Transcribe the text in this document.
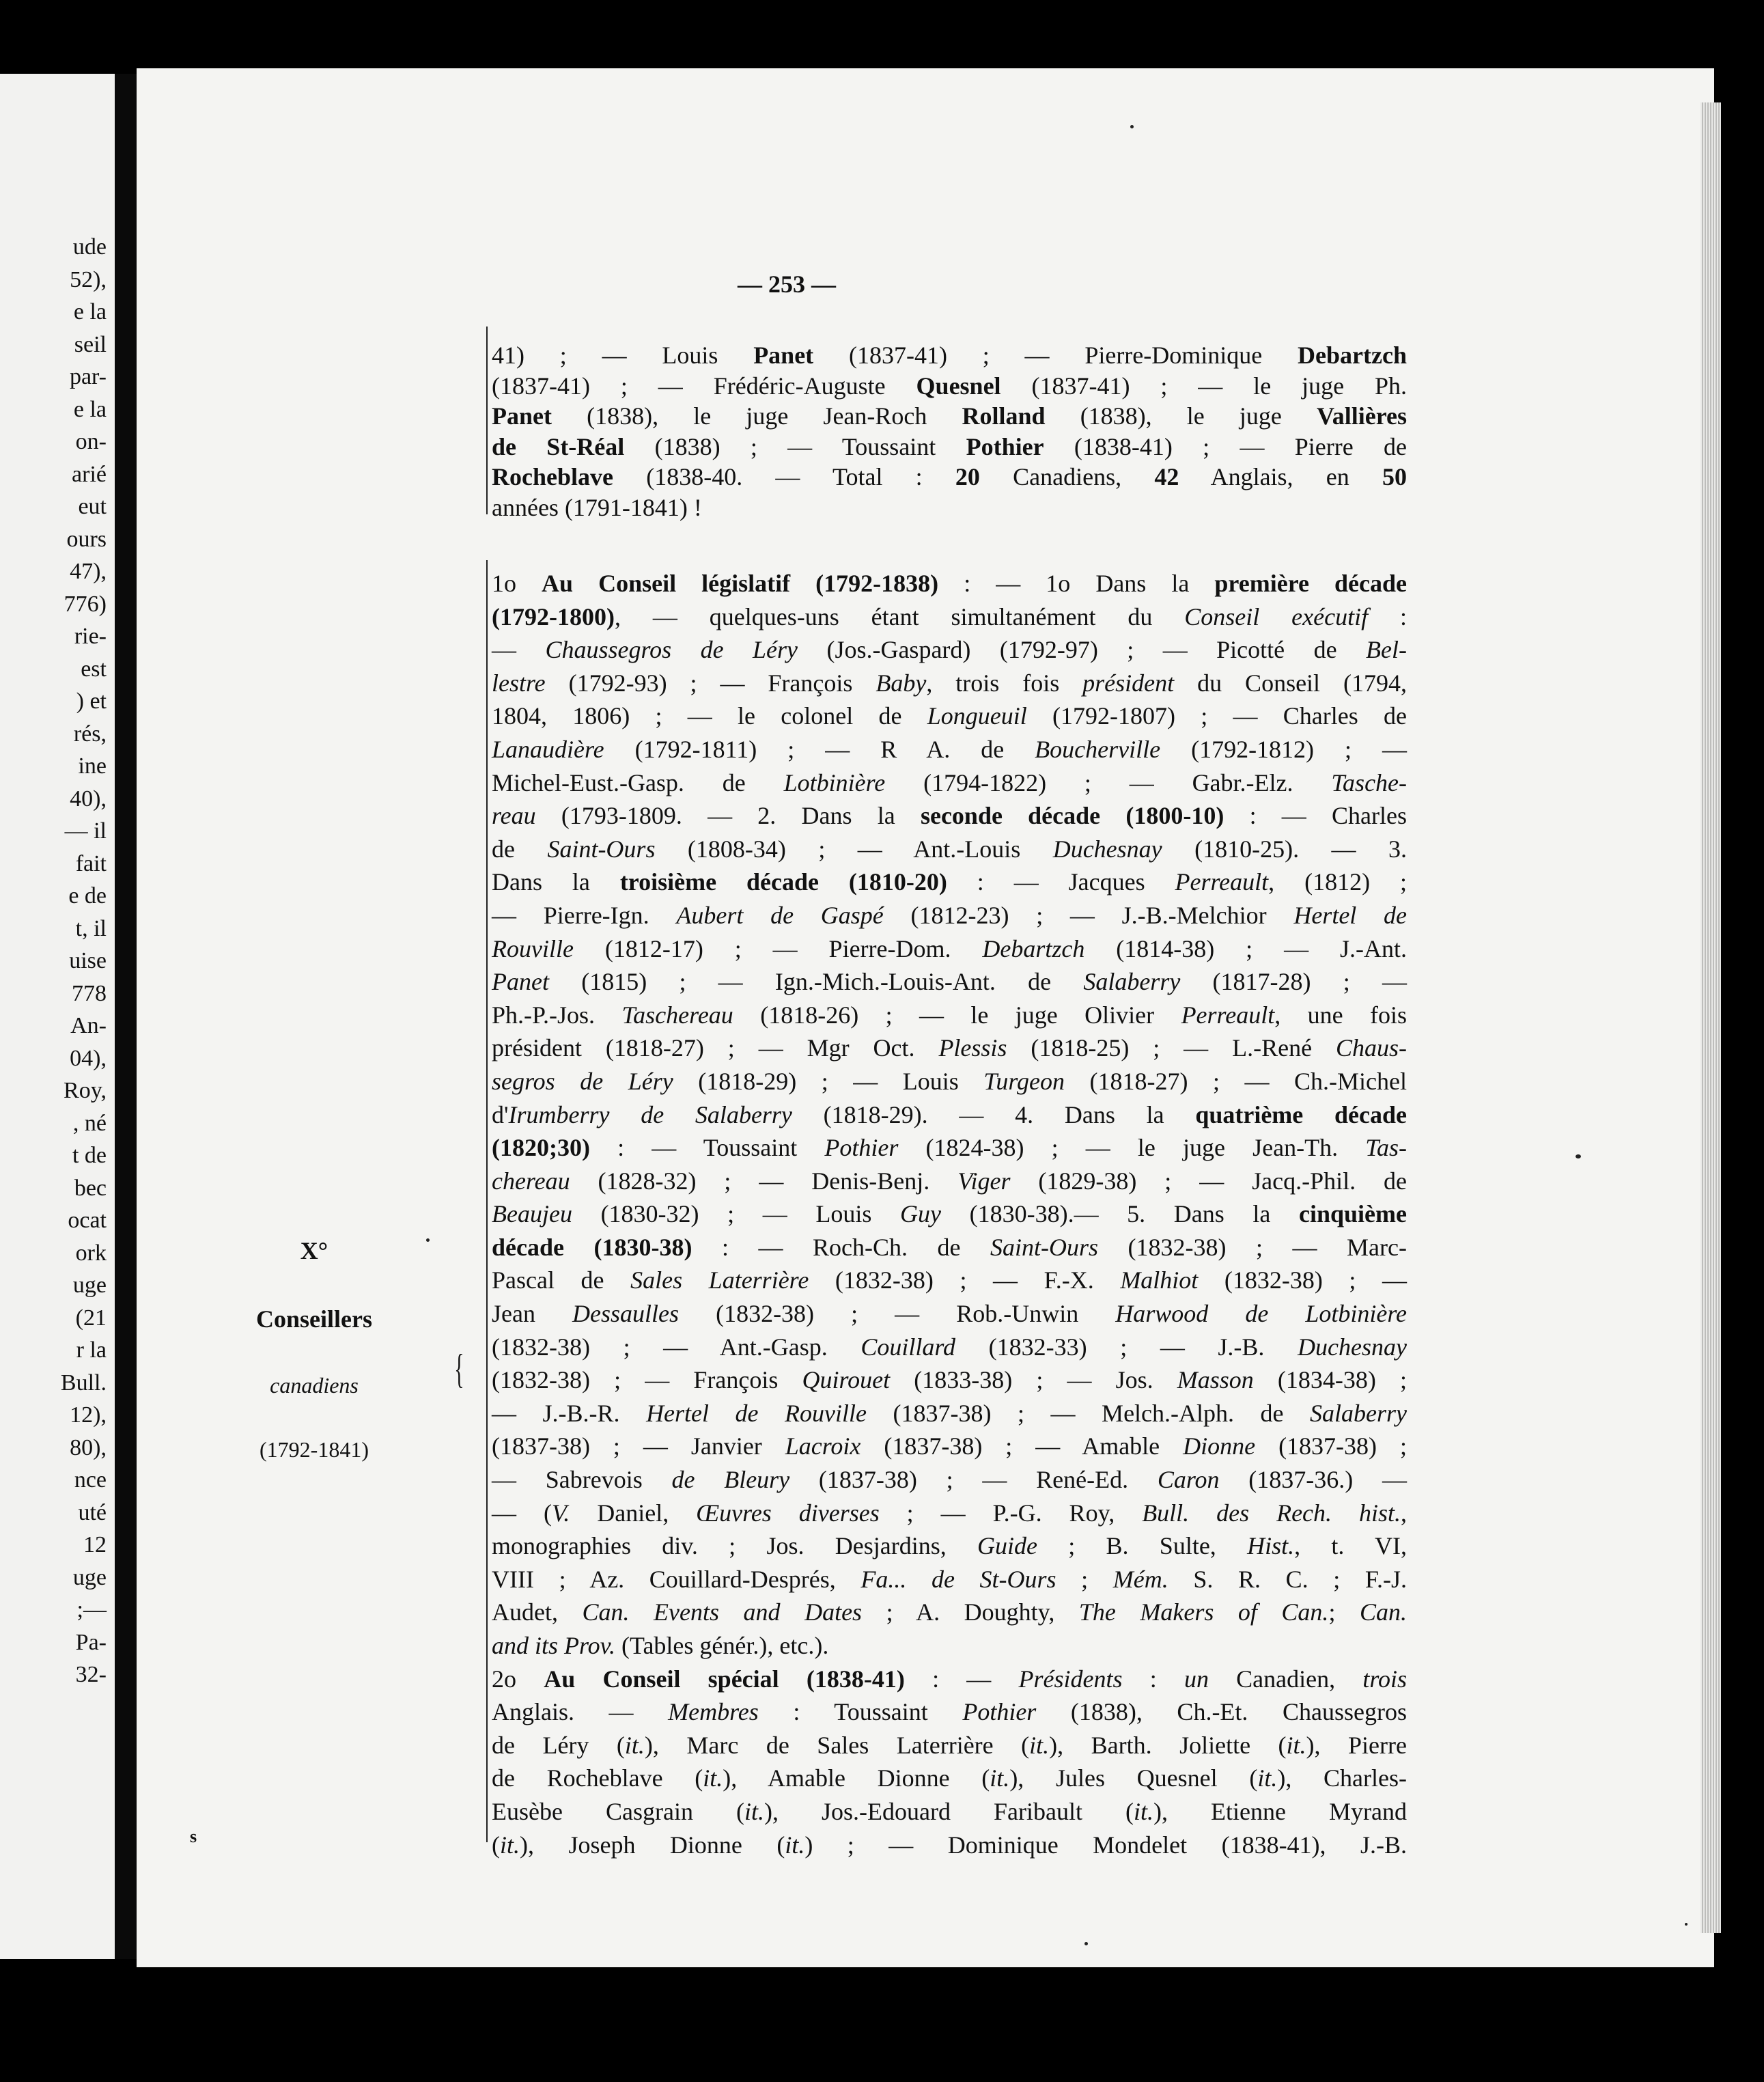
ude
52),
e la
seil
par-
e la
on-
arié
eut
ours
47),
776)
rie-
est
) et
rés,
ine
40),
— il
fait
e de
t, il
uise
778
An-
04),
Roy,
, né
t de
bec
ocat
ork
uge
(21
r la
Bull.
12),
80),
nce
uté
12
uge
;—
Pa-
32-
— 253 —

41) ; — Louis Panet (1837-41) ; — Pierre-Dominique Debartzch

(1837-41) ; — Frédéric-Auguste Quesnel (1837-41) ; — le juge Ph.

Panet (1838), le juge Jean-Roch Rolland (1838), le juge Vallières

de St-Réal (1838) ; — Toussaint Pothier (1838-41) ; — Pierre de

Rocheblave (1838-40. — Total : 20 Canadiens, 42 Anglais, en 50

années (1791-1841) !

1o Au Conseil législatif (1792-1838) : — 1o Dans la première décade

(1792-1800), — quelques-uns étant simultanément du Conseil exécutif :

— Chaussegros de Léry (Jos.-Gaspard) (1792-97) ; — Picotté de Bel-

lestre (1792-93) ; — François Baby, trois fois président du Conseil (1794,

1804, 1806) ; — le colonel de Longueuil (1792-1807) ; — Charles de

Lanaudière (1792-1811) ; — R A. de Boucherville (1792-1812) ; —

Michel-Eust.-Gasp. de Lotbinière (1794-1822) ; — Gabr.-Elz. Tasche-

reau (1793-1809. — 2. Dans la seconde décade (1800-10) : — Charles

de Saint-Ours (1808-34) ; — Ant.-Louis Duchesnay (1810-25). — 3.

Dans la troisième décade (1810-20) : — Jacques Perreault, (1812) ;

— Pierre-Ign. Aubert de Gaspé (1812-23) ; — J.-B.-Melchior Hertel de

Rouville (1812-17) ; — Pierre-Dom. Debartzch (1814-38) ; — J.-Ant.

Panet (1815) ; — Ign.-Mich.-Louis-Ant. de Salaberry (1817-28) ; —

Ph.-P.-Jos. Taschereau (1818-26) ; — le juge Olivier Perreault, une fois

président (1818-27) ; — Mgr Oct. Plessis (1818-25) ; — L.-René Chaus-

segros de Léry (1818-29) ; — Louis Turgeon (1818-27) ; — Ch.-Michel

d'Irumberry de Salaberry (1818-29). — 4. Dans la quatrième décade

(1820;30) : — Toussaint Pothier (1824-38) ; — le juge Jean-Th. Tas-

chereau (1828-32) ; — Denis-Benj. Viger (1829-38) ; — Jacq.-Phil. de

Beaujeu (1830-32) ; — Louis Guy (1830-38).— 5. Dans la cinquième

décade (1830-38) : — Roch-Ch. de Saint-Ours (1832-38) ; — Marc-

Pascal de Sales Laterrière (1832-38) ; — F.-X. Malhiot (1832-38) ; —

Jean Dessaulles (1832-38) ; — Rob.-Unwin Harwood de Lotbinière

(1832-38) ; — Ant.-Gasp. Couillard (1832-33) ; — J.-B. Duchesnay

(1832-38) ; — François Quirouet (1833-38) ; — Jos. Masson (1834-38) ;

— J.-B.-R. Hertel de Rouville (1837-38) ; — Melch.-Alph. de Salaberry

(1837-38) ; — Janvier Lacroix (1837-38) ; — Amable Dionne (1837-38) ;

— Sabrevois de Bleury (1837-38) ; — René-Ed. Caron (1837-36.) —

— (V. Daniel, Œuvres diverses ; — P.-G. Roy, Bull. des Rech. hist.,

monographies div. ; Jos. Desjardins, Guide ; B. Sulte, Hist., t. VI,

VIII ; Az. Couillard-Després, Fa... de St-Ours ; Mém. S. R. C. ; F.-J.

Audet, Can. Events and Dates ; A. Doughty, The Makers of Can.; Can.

and its Prov. (Tables génér.), etc.).

2o Au Conseil spécial (1838-41) : — Présidents : un Canadien, trois

Anglais. — Membres : Toussaint Pothier (1838), Ch.-Et. Chaussegros

de Léry (it.), Marc de Sales Laterrière (it.), Barth. Joliette (it.), Pierre

de Rocheblave (it.), Amable Dionne (it.), Jules Quesnel (it.), Charles-

Eusèbe Casgrain (it.), Jos.-Edouard Faribault (it.), Etienne Myrand

(it.), Joseph Dionne (it.) ; — Dominique Mondelet (1838-41), J.-B.

X°
Conseillers
canadiens
(1792-1841)
{
s
